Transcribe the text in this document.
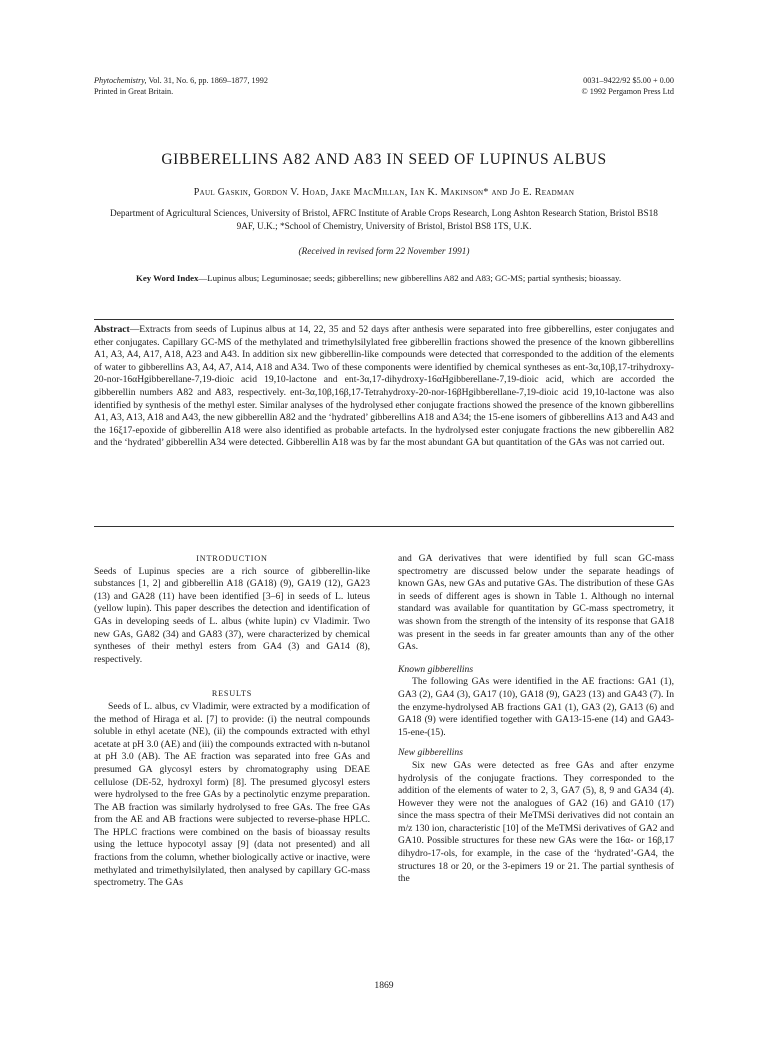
Phytochemistry, Vol. 31, No. 6, pp. 1869–1877, 1992
Printed in Great Britain.
0031–9422/92 $5.00 + 0.00
© 1992 Pergamon Press Ltd
GIBBERELLINS A82 AND A83 IN SEED OF LUPINUS ALBUS
Paul Gaskin, Gordon V. Hoad, Jake MacMillan, Ian K. Makinson* and Jo E. Readman
Department of Agricultural Sciences, University of Bristol, AFRC Institute of Arable Crops Research, Long Ashton Research Station, Bristol BS18 9AF, U.K.; *School of Chemistry, University of Bristol, Bristol BS8 1TS, U.K.
(Received in revised form 22 November 1991)
Key Word Index—Lupinus albus; Leguminosae; seeds; gibberellins; new gibberellins A82 and A83; GC-MS; partial synthesis; bioassay.
Abstract—Extracts from seeds of Lupinus albus at 14, 22, 35 and 52 days after anthesis were separated into free gibberellins, ester conjugates and ether conjugates. Capillary GC-MS of the methylated and trimethylsilylated free gibberellin fractions showed the presence of the known gibberellins A1, A3, A4, A17, A18, A23 and A43. In addition six new gibberellin-like compounds were detected that corresponded to the addition of the elements of water to gibberellins A3, A4, A7, A14, A18 and A34. Two of these components were identified by chemical syntheses as ent-3α,10β,17-trihydroxy-20-nor-16αHgibberellane-7,19-dioic acid 19,10-lactone and ent-3α,17-dihydroxy-16αHgibberellane-7,19-dioic acid, which are accorded the gibberellin numbers A82 and A83, respectively. ent-3α,10β,16β,17-Tetrahydroxy-20-nor-16βHgibberellane-7,19-dioic acid 19,10-lactone was also identified by synthesis of the methyl ester. Similar analyses of the hydrolysed ether conjugate fractions showed the presence of the known gibberellins A1, A3, A13, A18 and A43, the new gibberellin A82 and the ‘hydrated’ gibberellins A18 and A34; the 15-ene isomers of gibberellins A13 and A43 and the 16ξ17-epoxide of gibberellin A18 were also identified as probable artefacts. In the hydrolysed ester conjugate fractions the new gibberellin A82 and the ‘hydrated’ gibberellin A34 were detected. Gibberellin A18 was by far the most abundant GA but quantitation of the GAs was not carried out.

INTRODUCTION

Seeds of Lupinus species are a rich source of gibberellin-like substances [1, 2] and gibberellin A18 (GA18) (9), GA19 (12), GA23 (13) and GA28 (11) have been identified [3–6] in seeds of L. luteus (yellow lupin). This paper describes the detection and identification of GAs in developing seeds of L. albus (white lupin) cv Vladimir. Two new GAs, GA82 (34) and GA83 (37), were characterized by chemical syntheses of their methyl esters from GA4 (3) and GA14 (8), respectively.

RESULTS

Seeds of L. albus, cv Vladimir, were extracted by a modification of the method of Hiraga et al. [7] to provide: (i) the neutral compounds soluble in ethyl acetate (NE), (ii) the compounds extracted with ethyl acetate at pH 3.0 (AE) and (iii) the compounds extracted with n-butanol at pH 3.0 (AB). The AE fraction was separated into free GAs and presumed GA glycosyl esters by chromatography using DEAE cellulose (DE-52, hydroxyl form) [8]. The presumed glycosyl esters were hydrolysed to the free GAs by a pectinolytic enzyme preparation. The AB fraction was similarly hydrolysed to free GAs. The free GAs from the AE and AB fractions were subjected to reverse-phase HPLC. The HPLC fractions were combined on the basis of bioassay results using the lettuce hypocotyl assay [9] (data not presented) and all fractions from the column, whether biologically active or inactive, were methylated and trimethylsilylated, then analysed by capillary GC-mass spectrometry. The GAs

and GA derivatives that were identified by full scan GC-mass spectrometry are discussed below under the separate headings of known GAs, new GAs and putative GAs. The distribution of these GAs in seeds of different ages is shown in Table 1. Although no internal standard was available for quantitation by GC-mass spectrometry, it was shown from the strength of the intensity of its response that GA18 was present in the seeds in far greater amounts than any of the other GAs.

Known gibberellins

The following GAs were identified in the AE fractions: GA1 (1), GA3 (2), GA4 (3), GA17 (10), GA18 (9), GA23 (13) and GA43 (7). In the enzyme-hydrolysed AB fractions GA1 (1), GA3 (2), GA13 (6) and GA18 (9) were identified together with GA13-15-ene (14) and GA43-15-ene-(15).

New gibberellins

Six new GAs were detected as free GAs and after enzyme hydrolysis of the conjugate fractions. They corresponded to the addition of the elements of water to 2, 3, GA7 (5), 8, 9 and GA34 (4). However they were not the analogues of GA2 (16) and GA10 (17) since the mass spectra of their MeTMSi derivatives did not contain an m/z 130 ion, characteristic [10] of the MeTMSi derivatives of GA2 and GA10. Possible structures for these new GAs were the 16α- or 16β,17 dihydro-17-ols, for example, in the case of the ‘hydrated’-GA4, the structures 18 or 20, or the 3-epimers 19 or 21. The partial synthesis of the

1869
